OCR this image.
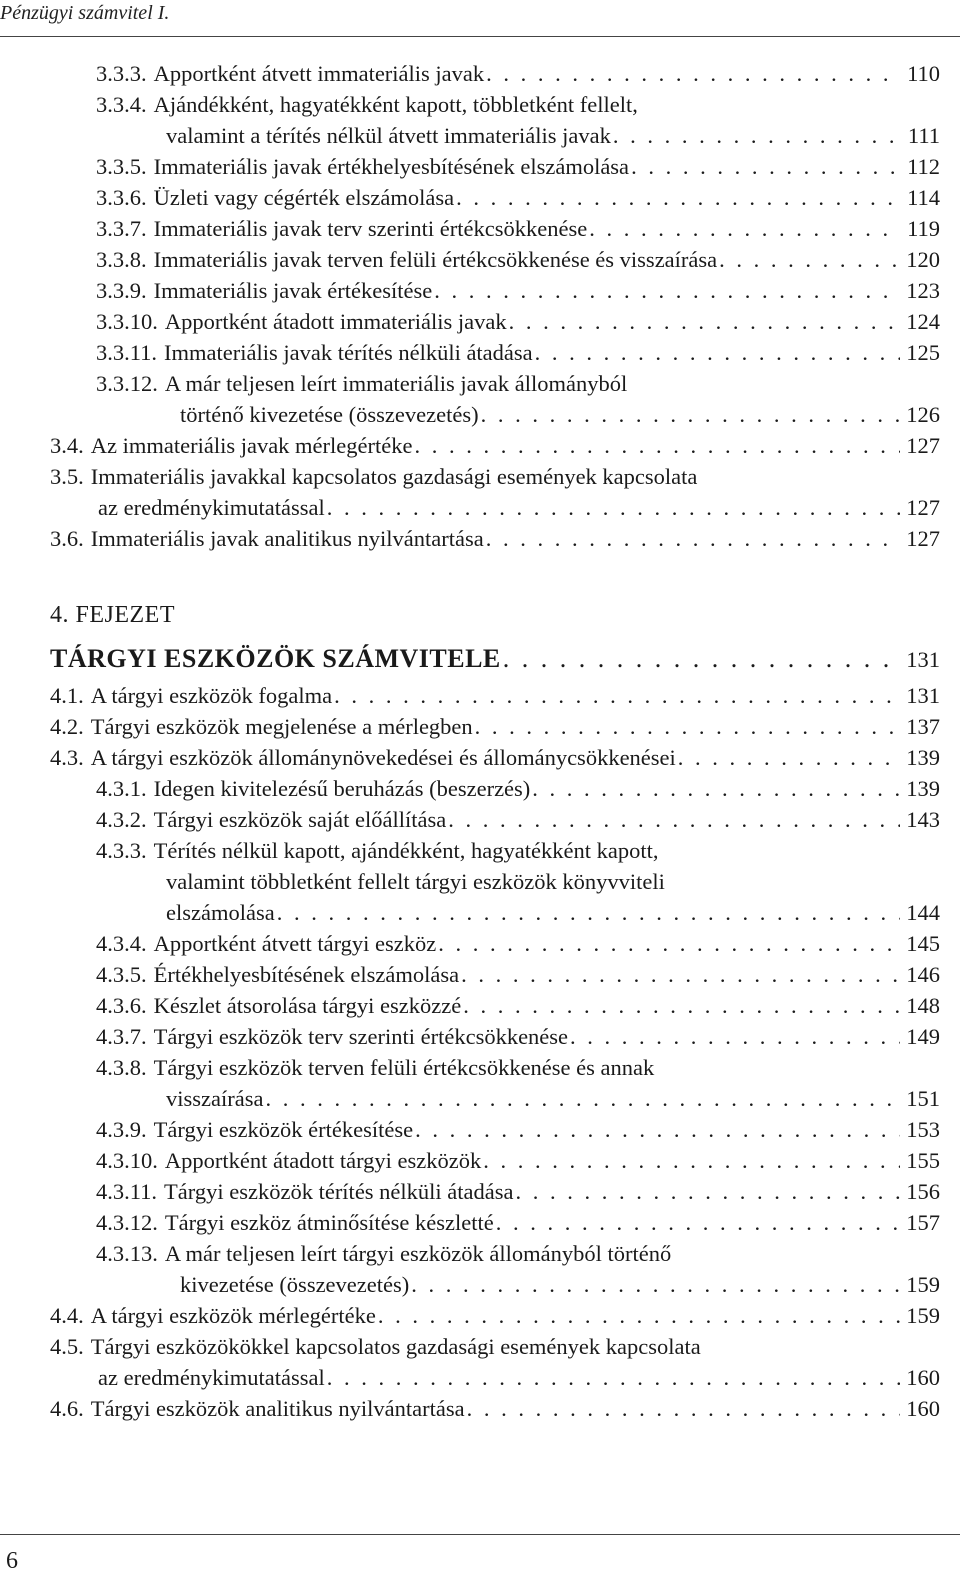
Pénzügyi számvitel I.
3.3.3. Apportként átvett immateriális javak . . .	110
3.3.4. Ajándékként, hagyatékként kapott, többletként fellelt,
valamint a térítés nélkül átvett immateriális javak . . .	111
3.3.5. Immateriális javak értékhelyesbítésének elszámolása . . .	112
3.3.6. Üzleti vagy cégérték elszámolása . . .	114
3.3.7. Immateriális javak terv szerinti értékcsökkenése . . .	119
3.3.8. Immateriális javak terven felüli értékcsökkenése és visszaírása . . .	120
3.3.9. Immateriális javak értékesítése . . .	123
3.3.10. Apportként átadott immateriális javak . . .	124
3.3.11. Immateriális javak térítés nélküli átadása . . .	125
3.3.12. A már teljesen leírt immateriális javak állományból
történő kivezetése (összevezetés) . . .	126
3.4. Az immateriális javak mérlegértéke . . .	127
3.5. Immateriális javakkal kapcsolatos gazdasági események kapcsolata
az eredménykimutatással . . .	127
3.6. Immateriális javak analitikus nyilvántartása . . .	127
4. FEJEZET
TÁRGYI ESZKÖZÖK SZÁMVITELE . . .	131
4.1. A tárgyi eszközök fogalma . . .	131
4.2. Tárgyi eszközök megjelenése a mérlegben . . .	137
4.3. A tárgyi eszközök állománynövekedései és állománycsökkenései . . .	139
4.3.1. Idegen kivitelezésű beruházás (beszerzés) . . .	139
4.3.2. Tárgyi eszközök saját előállítása . . .	143
4.3.3. Térítés nélkül kapott, ajándékként, hagyatékként kapott,
valamint többletként fellelt tárgyi eszközök könyvviteli
elszámolása . . .	144
4.3.4. Apportként átvett tárgyi eszköz . . .	145
4.3.5. Értékhelyesbítésének elszámolása . . .	146
4.3.6. Készlet átsorolása tárgyi eszközzé . . .	148
4.3.7. Tárgyi eszközök terv szerinti értékcsökkenése . . .	149
4.3.8. Tárgyi eszközök terven felüli értékcsökkenése és annak
visszaírása . . .	151
4.3.9. Tárgyi eszközök értékesítése . . .	153
4.3.10. Apportként átadott tárgyi eszközök . . .	155
4.3.11. Tárgyi eszközök térítés nélküli átadása . . .	156
4.3.12. Tárgyi eszköz átminősítése készletté . . .	157
4.3.13. A már teljesen leírt tárgyi eszközök állományból történő
kivezetése (összevezetés) . . .	159
4.4. A tárgyi eszközök mérlegértéke . . .	159
4.5. Tárgyi eszközökökkel kapcsolatos gazdasági események kapcsolata
az eredménykimutatással . . .	160
4.6. Tárgyi eszközök analitikus nyilvántartása . . .	160
6
